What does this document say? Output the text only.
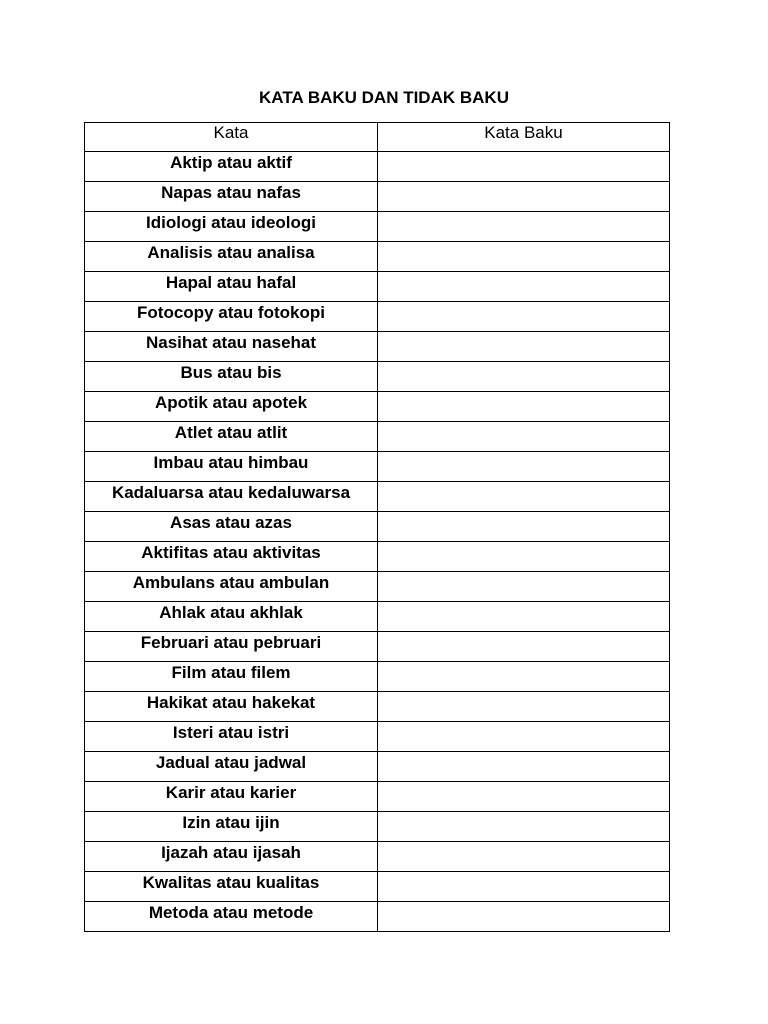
KATA BAKU DAN TIDAK BAKU
Kata	Kata Baku
Aktip atau aktif	
Napas atau nafas	
Idiologi atau ideologi	
Analisis atau analisa	
Hapal atau hafal	
Fotocopy atau fotokopi	
Nasihat atau nasehat	
Bus atau bis	
Apotik atau apotek	
Atlet atau atlit	
Imbau atau himbau	
Kadaluarsa atau kedaluwarsa	
Asas atau azas	
Aktifitas atau aktivitas	
Ambulans atau ambulan	
Ahlak atau akhlak	
Februari atau pebruari	
Film atau filem	
Hakikat atau hakekat	
Isteri atau istri	
Jadual atau jadwal	
Karir atau karier	
Izin atau ijin	
Ijazah atau ijasah	
Kwalitas atau kualitas	
Metoda atau metode	
